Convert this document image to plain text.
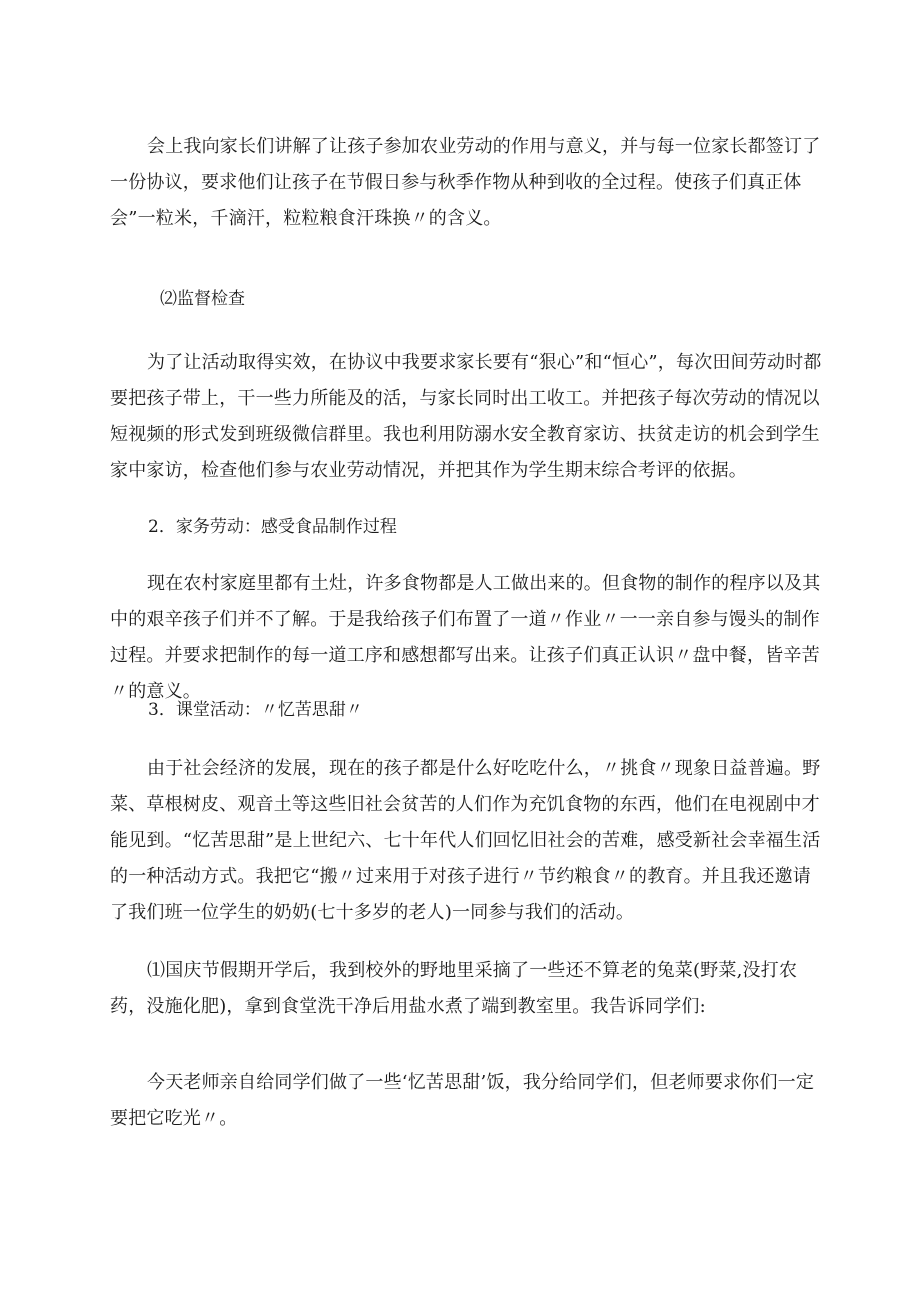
会上我向家长们讲解了让孩子参加农业劳动的作用与意义，并与每一位家长都签订了一份协议，要求他们让孩子在节假日参与秋季作物从种到收的全过程。使孩子们真正体会”一粒米，千滴汗，粒粒粮食汗珠换〃的含义。

⑵监督检查

为了让活动取得实效，在协议中我要求家长要有“狠心”和“恒心”，每次田间劳动时都要把孩子带上，干一些力所能及的活，与家长同时出工收工。并把孩子每次劳动的情况以短视频的形式发到班级微信群里。我也利用防溺水安全教育家访、扶贫走访的机会到学生家中家访，检查他们参与农业劳动情况，并把其作为学生期末综合考评的依据。

2．家务劳动：感受食品制作过程

现在农村家庭里都有土灶，许多食物都是人工做出来的。但食物的制作的程序以及其中的艰辛孩子们并不了解。于是我给孩子们布置了一道〃作业〃一一亲自参与馒头的制作过程。并要求把制作的每一道工序和感想都写出来。让孩子们真正认识〃盘中餐，皆辛苦〃的意义。

3．课堂活动：〃忆苦思甜〃

由于社会经济的发展，现在的孩子都是什么好吃吃什么，〃挑食〃现象日益普遍。野菜、草根树皮、观音土等这些旧社会贫苦的人们作为充饥食物的东西，他们在电视剧中才能见到。“忆苦思甜”是上世纪六、七十年代人们回忆旧社会的苦难，感受新社会幸福生活的一种活动方式。我把它“搬〃过来用于对孩子进行〃节约粮食〃的教育。并且我还邀请了我们班一位学生的奶奶(七十多岁的老人)一同参与我们的活动。

⑴国庆节假期开学后，我到校外的野地里采摘了一些还不算老的兔菜(野菜,没打农药，没施化肥)，拿到食堂洗干净后用盐水煮了端到教室里。我告诉同学们:

今天老师亲自给同学们做了一些‘忆苦思甜’饭，我分给同学们，但老师要求你们一定要把它吃光〃。
